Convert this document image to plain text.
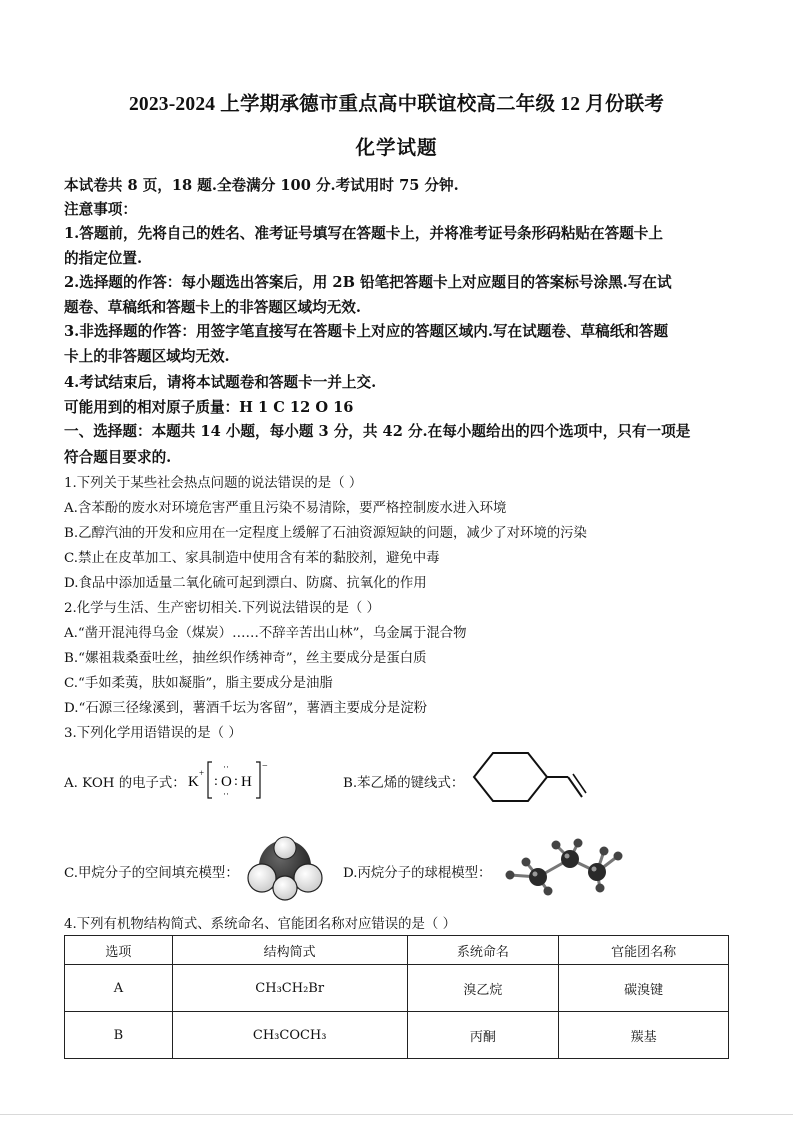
2023-2024 上学期承德市重点高中联谊校高二年级 12 月份联考
化学试题
本试卷共 8 页，18 题.全卷满分 100 分.考试用时 75 分钟.
注意事项：
1.答题前，先将自己的姓名、准考证号填写在答题卡上，并将准考证号条形码粘贴在答题卡上
的指定位置.
2.选择题的作答：每小题选出答案后，用 2B 铅笔把答题卡上对应题目的答案标号涂黑.写在试
题卷、草稿纸和答题卡上的非答题区域均无效.
3.非选择题的作答：用签字笔直接写在答题卡上对应的答题区域内.写在试题卷、草稿纸和答题
卡上的非答题区域均无效.
4.考试结束后，请将本试题卷和答题卡一并上交.
可能用到的相对原子质量：H 1 C 12 O 16
一、选择题：本题共 14 小题，每小题 3 分，共 42 分.在每小题给出的四个选项中，只有一项是
符合题目要求的.
1.下列关于某些社会热点问题的说法错误的是（ ）
A.含苯酚的废水对环境危害严重且污染不易清除，要严格控制废水进入环境
B.乙醇汽油的开发和应用在一定程度上缓解了石油资源短缺的问题，减少了对环境的污染
C.禁止在皮革加工、家具制造中使用含有苯的黏胶剂，避免中毒
D.食品中添加适量二氧化硫可起到漂白、防腐、抗氧化的作用
2.化学与生活、生产密切相关.下列说法错误的是（ ）
A.“凿开混沌得乌金（煤炭）……不辞辛苦出山林”，乌金属于混合物
B.“嫘祖栽桑蚕吐丝，抽丝织作绣神奇”，丝主要成分是蛋白质
C.“手如柔荑，肤如凝脂”，脂主要成分是油脂
D.“石源三径缘溪到，薯酒千坛为客留”，薯酒主要成分是淀粉
3.下列化学用语错误的是（ ）
A. KOH 的电子式： K
+
:
··
O
··
: H
−
B.苯乙烯的键线式：
C.甲烷分子的空间填充模型：	D.丙烷分子的球棍模型：
4.下列有机物结构简式、系统命名、官能团名称对应错误的是（ ）
选项	结构简式	系统命名	官能团名称
A	CH₃CH₂Br	溴乙烷	碳溴键
B	CH₃COCH₃	丙酮	羰基
